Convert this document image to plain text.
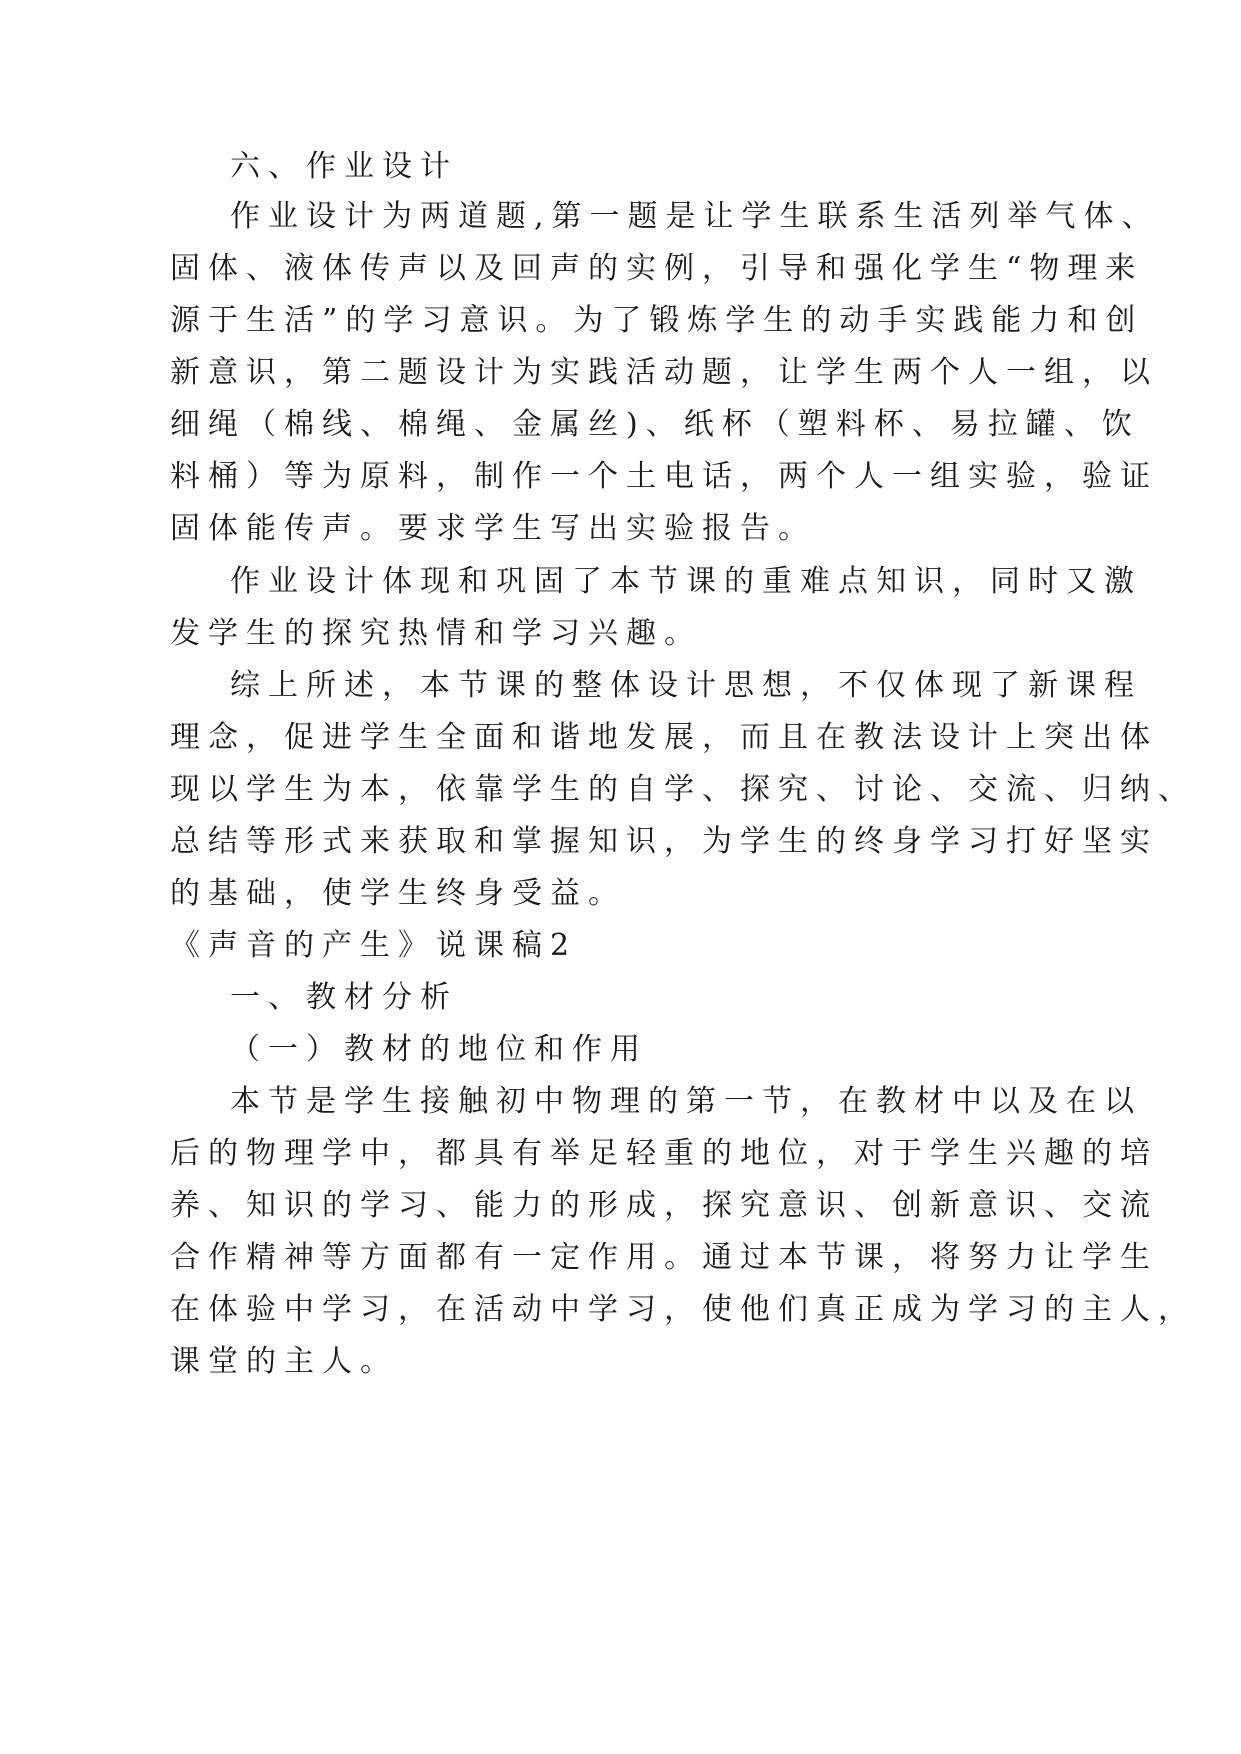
六、作业设计
作业设计为两道题,第一题是让学生联系生活列举气体、
固体、液体传声以及回声的实例，引导和强化学生“物理来
源于生活”的学习意识。为了锻炼学生的动手实践能力和创
新意识，第二题设计为实践活动题，让学生两个人一组，以
细绳（棉线、棉绳、金属丝)、纸杯（塑料杯、易拉罐、饮
料桶）等为原料，制作一个土电话，两个人一组实验，验证
固体能传声。要求学生写出实验报告。
作业设计体现和巩固了本节课的重难点知识，同时又激
发学生的探究热情和学习兴趣。
综上所述，本节课的整体设计思想，不仅体现了新课程
理念，促进学生全面和谐地发展，而且在教法设计上突出体
现以学生为本，依靠学生的自学、探究、讨论、交流、归纳、
总结等形式来获取和掌握知识，为学生的终身学习打好坚实
的基础，使学生终身受益。
《声音的产生》说课稿2
一、教材分析
（一）教材的地位和作用
本节是学生接触初中物理的第一节，在教材中以及在以
后的物理学中，都具有举足轻重的地位，对于学生兴趣的培
养、知识的学习、能力的形成，探究意识、创新意识、交流
合作精神等方面都有一定作用。通过本节课，将努力让学生
在体验中学习，在活动中学习，使他们真正成为学习的主人，
课堂的主人。
